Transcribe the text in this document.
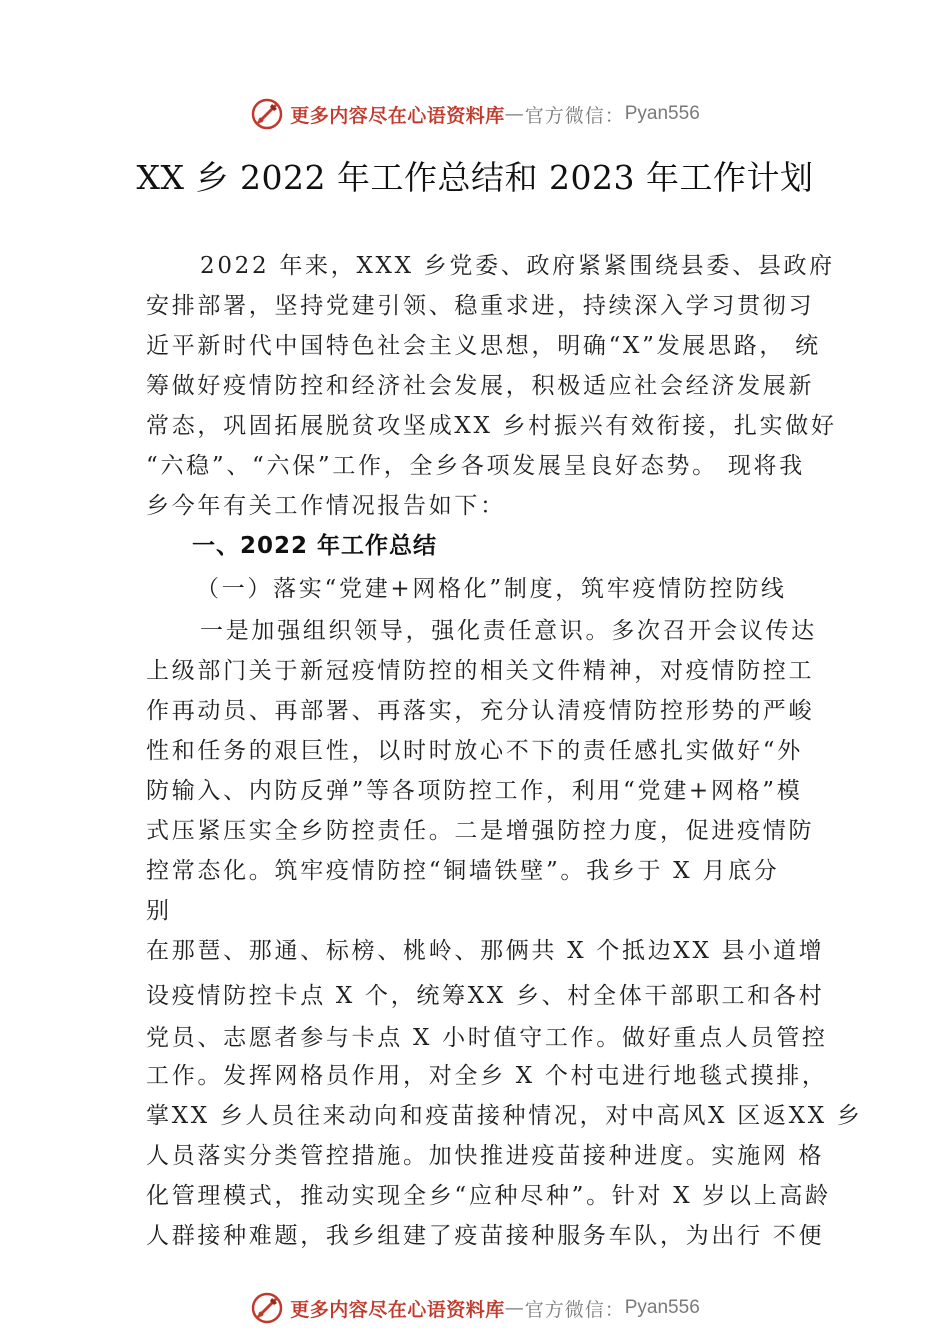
更多内容尽在心语资料库 — 官方微信： Pyan556
XX 乡 2022 年工作总结和 2023 年工作计划
2022 年来，XXX 乡党委、政府紧紧围绕县委、县政府
安排部署，坚持党建引领、稳重求进，持续深入学习贯彻习
近平新时代中国特色社会主义思想，明确“X”发展思路， 统
筹做好疫情防控和经济社会发展，积极适应社会经济发展新
常态，巩固拓展脱贫攻坚成XX 乡村振兴有效衔接，扎实做好
“六稳”、“六保”工作，全乡各项发展呈良好态势。 现将我
乡今年有关工作情况报告如下：
一、2022 年工作总结
（一）落实“党建+网格化”制度，筑牢疫情防控防线
一是加强组织领导，强化责任意识。多次召开会议传达
上级部门关于新冠疫情防控的相关文件精神，对疫情防控工
作再动员、再部署、再落实，充分认清疫情防控形势的严峻
性和任务的艰巨性，以时时放心不下的责任感扎实做好“外
防输入、内防反弹”等各项防控工作，利用“党建+网格”模
式压紧压实全乡防控责任。二是增强防控力度，促进疫情防
控常态化。筑牢疫情防控“铜墙铁壁”。我乡于 X 月底分
别
在那琶、那通、标榜、桃岭、那俩共 X 个抵边XX 县小道增
设疫情防控卡点 X 个，统筹XX 乡、村全体干部职工和各村
党员、志愿者参与卡点 X 小时值守工作。做好重点人员管控
工作。发挥网格员作用，对全乡 X 个村屯进行地毯式摸排，
掌XX 乡人员往来动向和疫苗接种情况，对中高风X 区返XX 乡
人员落实分类管控措施。加快推进疫苗接种进度。实施网 格
化管理模式，推动实现全乡“应种尽种”。针对 X 岁以上高龄
人群接种难题，我乡组建了疫苗接种服务车队，为出行 不便
更多内容尽在心语资料库 — 官方微信： Pyan556
